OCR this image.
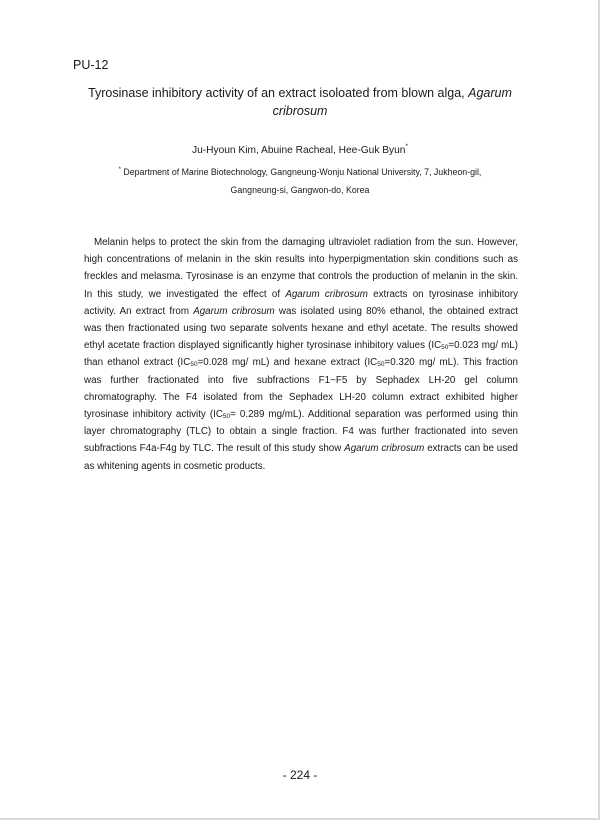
PU-12
Tyrosinase inhibitory activity of an extract isoloated from blown alga, Agarum
cribrosum
Ju-Hyoun Kim, Abuine Racheal, Hee-Guk Byun*
* Department of Marine Biotechnology, Gangneung-Wonju National University, 7, Jukheon-gil,
Gangneung-si, Gangwon-do, Korea

Melanin helps to protect the skin from the damaging ultraviolet radiation from the sun. However, high concentrations of melanin in the skin results into hyperpigmentation skin conditions such as freckles and melasma. Tyrosinase is an enzyme that controls the production of melanin in the skin. In this study, we investigated the effect of Agarum cribrosum extracts on tyrosinase inhibitory activity. An extract from Agarum cribrosum was isolated using 80% ethanol, the obtained extract was then fractionated using two separate solvents hexane and ethyl acetate. The results showed ethyl acetate fraction displayed significantly higher tyrosinase inhibitory values ($IC_{50}=0.023$ mg/ mL) than ethanol extract ($IC_{50}=0.028$ mg/ mL) and hexane extract ($IC_{50}=0.320$ mg/ mL). This fraction was further fractionated into five subfractions F1−F5 by Sephadex LH-20 gel column chromatography. The F4 isolated from the Sephadex LH-20 column extract exhibited higher tyrosinase inhibitory activity ($IC_{50}= 0.289$ mg/mL). Additional separation was performed using thin layer chromatography (TLC) to obtain a single fraction. F4 was further fractionated into seven subfractions F4a-F4g by TLC. The result of this study show Agarum cribrosum extracts can be used as whitening agents in cosmetic products.

- 224 -
